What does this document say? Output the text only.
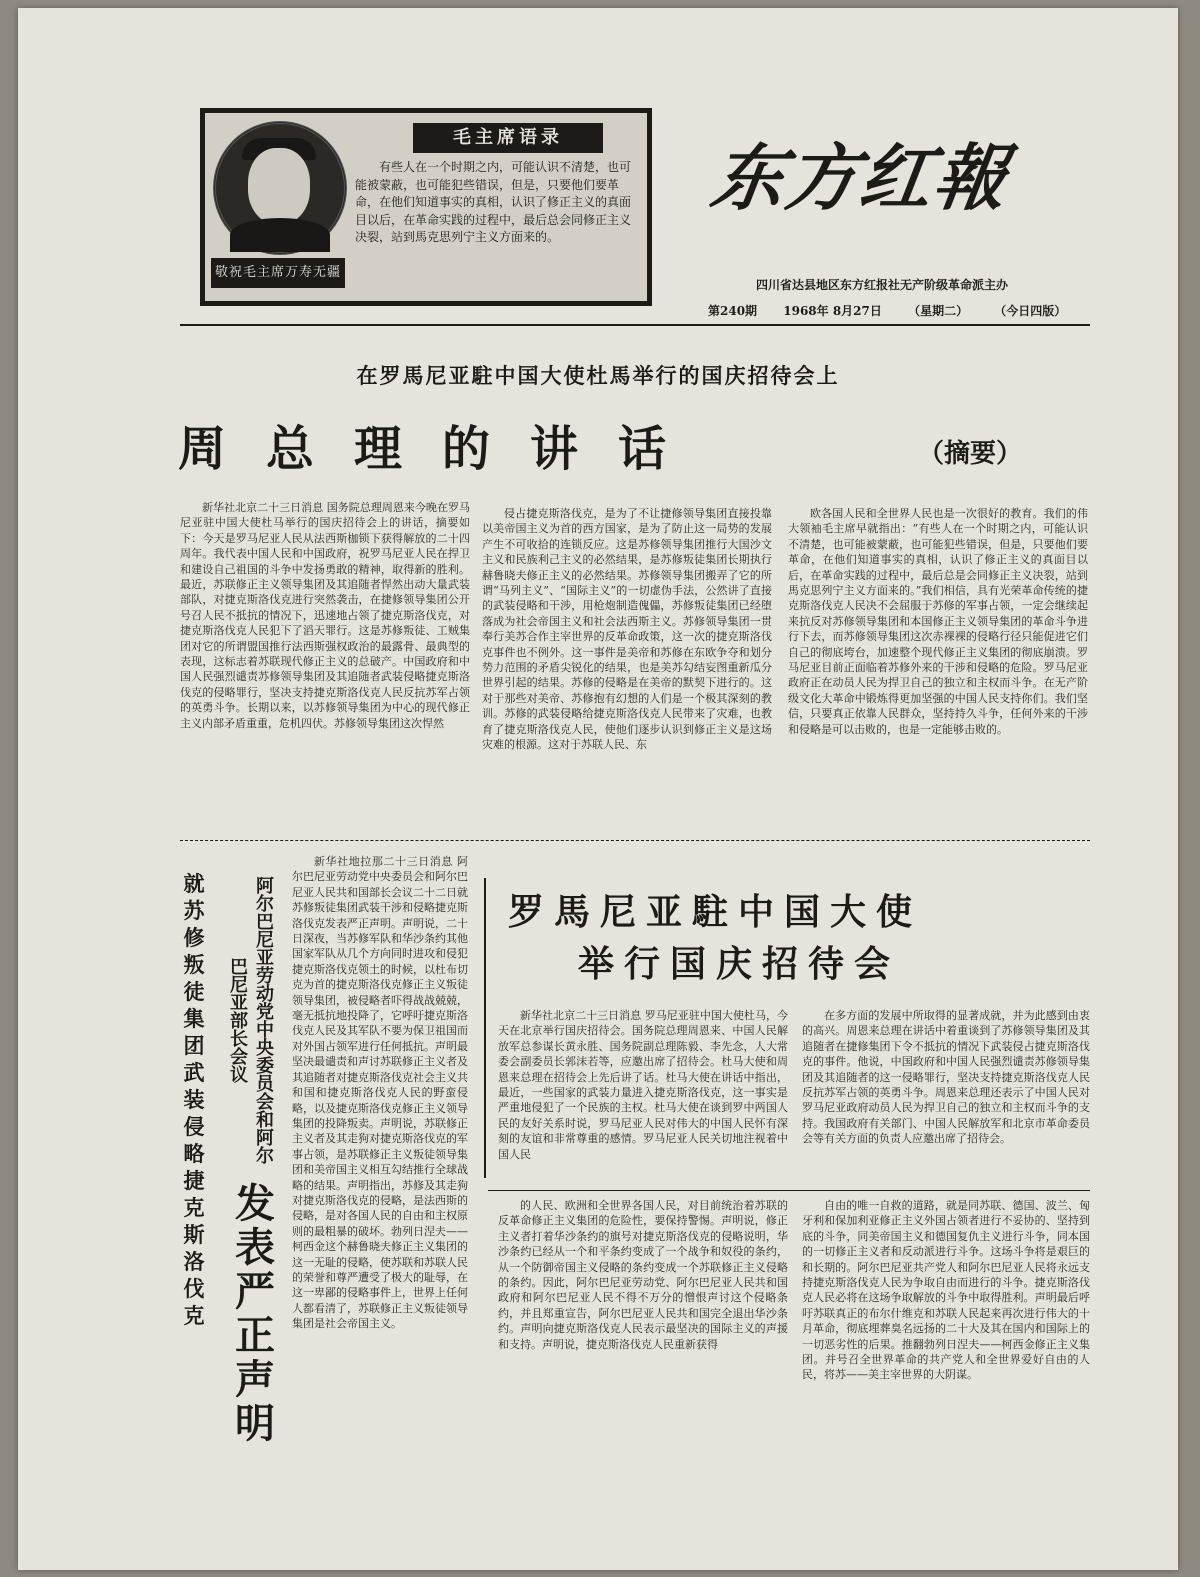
敬祝毛主席万寿无疆
毛主席语录
有些人在一个时期之内，可能认识不清楚，也可能被蒙蔽，也可能犯些错误，但是，只要他们要革命，在他们知道事实的真相，认识了修正主义的真面目以后，在革命实践的过程中，最后总会同修正主义决裂，站到馬克思列宁主义方面来的。
东方红報
四川省达县地区东方红报社无产阶级革命派主办
第240期 1968年 8月27日 （星期二） （今日四版）
在罗馬尼亚駐中国大使杜馬举行的国庆招待会上
周总理的讲话	（摘要）

新华社北京二十三日消息 国务院总理周恩来今晚在罗马尼亚驻中国大使杜马举行的国庆招待会上的讲话，摘要如下：今天是罗马尼亚人民从法西斯枷锁下获得解放的二十四周年。我代表中国人民和中国政府，祝罗马尼亚人民在捍卫和建设自己祖国的斗争中发扬勇敢的精神，取得新的胜利。最近，苏联修正主义领导集团及其追随者悍然出动大量武装部队，对捷克斯洛伐克进行突然袭击，在捷修领导集团公开号召人民不抵抗的情况下，迅速地占领了捷克斯洛伐克，对捷克斯洛伐克人民犯下了滔天罪行。这是苏修叛徒、工贼集团对它的所谓盟国推行法西斯强权政治的最露骨、最典型的表现，这标志着苏联现代修正主义的总破产。中国政府和中国人民强烈谴责苏修领导集团及其追随者武装侵略捷克斯洛伐克的侵略罪行，坚决支持捷克斯洛伐克人民反抗苏军占领的英勇斗争。长期以来，以苏修领导集团为中心的现代修正主义内部矛盾重重，危机四伏。苏修领导集团这次悍然

侵占捷克斯洛伐克，是为了不让捷修领导集团直接投靠以美帝国主义为首的西方国家，是为了防止这一局势的发展产生不可收拾的连锁反应。这是苏修领导集团推行大国沙文主义和民族利己主义的必然结果，是苏修叛徒集团长期执行赫鲁晓夫修正主义的必然结果。苏修领导集团搬弄了它的所谓“马列主义”、“国际主义”的一切虚伪手法，公然讲了直接的武装侵略和干涉，用枪炮制造傀儡，苏修叛徒集团已经堕落成为社会帝国主义和社会法西斯主义。苏修领导集团一贯奉行美苏合作主宰世界的反革命政策，这一次的捷克斯洛伐克事件也不例外。这一事件是美帝和苏修在东欧争夺和划分势力范围的矛盾尖锐化的结果，也是美苏勾结妄图重新瓜分世界引起的结果。苏修的侵略是在美帝的默契下进行的。这对于那些对美帝、苏修抱有幻想的人们是一个极其深刻的教训。苏修的武装侵略给捷克斯洛伐克人民带来了灾难，也教育了捷克斯洛伐克人民，使他们逐步认识到修正主义是这场灾难的根源。这对于苏联人民、东

欧各国人民和全世界人民也是一次很好的教育。我们的伟大领袖毛主席早就指出：“有些人在一个时期之内，可能认识不清楚，也可能被蒙蔽，也可能犯些错误，但是，只要他们要革命，在他们知道事实的真相，认识了修正主义的真面目以后，在革命实践的过程中，最后总是会同修正主义决裂，站到馬克思列宁主义方面来的。”我们相信，具有光荣革命传统的捷克斯洛伐克人民决不会屈服于苏修的军事占领，一定会继续起来抗反对苏修领导集团和本国修正主义领导集团的革命斗争进行下去，而苏修领导集团这次赤裸裸的侵略行径只能促进它们自己的彻底垮台，加速整个现代修正主义集团的彻底崩溃。罗马尼亚目前正面临着苏修外来的干涉和侵略的危险。罗马尼亚政府正在动员人民为捍卫自己的独立和主权而斗争。在无产阶级文化大革命中锻炼得更加坚强的中国人民支持你们。我们坚信，只要真正依靠人民群众，坚持持久斗争，任何外来的干涉和侵略是可以击败的，也是一定能够击败的。

就苏修叛徒集团武装侵略捷克斯洛伐克
阿尔巴尼亚劳动党中央委员会和阿尔巴尼亚部长会议
发表严正声明

新华社地拉那二十三日消息 阿尔巴尼亚劳动党中央委员会和阿尔巴尼亚人民共和国部长会议二十二日就苏修叛徒集团武装干涉和侵略捷克斯洛伐克发表严正声明。声明说，二十日深夜，当苏修军队和华沙条约其他国家军队从几个方向同时进攻和侵犯捷克斯洛伐克领土的时候，以杜布切克为首的捷克斯洛伐克修正主义叛徒领导集团，被侵略者吓得战战兢兢，毫无抵抗地投降了，它呼吁捷克斯洛伐克人民及其军队不要为保卫祖国而对外国占领军进行任何抵抗。声明最坚决最谴责和声讨苏联修正主义者及其追随者对捷克斯洛伐克社会主义共和国和捷克斯洛伐克人民的野蛮侵略，以及捷克斯洛伐克修正主义领导集团的投降叛卖。声明说，苏联修正主义者及其走狗对捷克斯洛伐克的军事占领，是苏联修正主义叛徒领导集团和美帝国主义相互勾结推行全球战略的结果。声明指出，苏修及其走狗对捷克斯洛伐克的侵略，是法西斯的侵略，是对各国人民的自由和主权原则的最粗暴的破坏。勃列日涅夫——柯西金这个赫鲁晓夫修正主义集团的这一无耻的侵略，使苏联和苏联人民的荣誉和尊严遭受了极大的耻辱，在这一卑鄙的侵略事件上，世界上任何人都看清了，苏联修正主义叛徒领导集团是社会帝国主义。

罗馬尼亚駐中国大使
举行国庆招待会

新华社北京二十三日消息 罗马尼亚驻中国大使杜马，今天在北京举行国庆招待会。国务院总理周恩来、中国人民解放军总参谋长黄永胜、国务院副总理陈毅、李先念，人大常委会副委员长郭沫若等，应邀出席了招待会。杜马大使和周恩来总理在招待会上先后讲了话。杜马大使在讲话中指出，最近，一些国家的武装力量进入捷克斯洛伐克，这一事实是严重地侵犯了一个民族的主权。杜马大使在谈到罗中两国人民的友好关系时说，罗马尼亚人民对伟大的中国人民怀有深刻的友谊和非常尊重的感情。罗马尼亚人民关切地注视着中国人民

在多方面的发展中所取得的显著成就，并为此感到由衷的高兴。周恩来总理在讲话中着重谈到了苏修领导集团及其追随者在捷修集团下令不抵抗的情况下武装侵占捷克斯洛伐克的事件。他说，中国政府和中国人民强烈谴责苏修领导集团及其追随者的这一侵略罪行，坚决支持捷克斯洛伐克人民反抗苏军占领的英勇斗争。周恩来总理还表示了中国人民对罗马尼亚政府动员人民为捍卫自己的独立和主权而斗争的支持。我国政府有关部门、中国人民解放军和北京市革命委员会等有关方面的负责人应邀出席了招待会。

的人民、欧洲和全世界各国人民，对目前统治着苏联的反革命修正主义集团的危险性，要保持警惕。声明说，修正主义者打着华沙条约的旗号对捷克斯洛伐克的侵略说明，华沙条约已经从一个和平条约变成了一个战争和奴役的条约，从一个防御帝国主义侵略的条约变成一个苏联修正主义侵略的条约。因此，阿尔巴尼亚劳动党、阿尔巴尼亚人民共和国政府和阿尔巴尼亚人民不得不万分的憎恨声讨这个侵略条约，并且郑重宣告，阿尔巴尼亚人民共和国完全退出华沙条约。声明向捷克斯洛伐克人民表示最坚决的国际主义的声援和支持。声明说，捷克斯洛伐克人民重新获得

自由的唯一自救的道路，就是同苏联、德国、波兰、匈牙利和保加利亚修正主义外国占领者进行不妥协的、坚持到底的斗争，同美帝国主义和德国复仇主义进行斗争，同本国的一切修正主义者和反动派进行斗争。这场斗争将是艰巨的和长期的。阿尔巴尼亚共产党人和阿尔巴尼亚人民将永远支持捷克斯洛伐克人民为争取自由而进行的斗争。捷克斯洛伐克人民必将在这场争取解放的斗争中取得胜利。声明最后呼吁苏联真正的布尔什维克和苏联人民起来再次进行伟大的十月革命，彻底埋葬臭名远扬的二十大及其在国内和国际上的一切恶劣性的后果。推翻勃列日涅夫——柯西金修正主义集团。并号召全世界革命的共产党人和全世界爱好自由的人民，将苏——美主宰世界的大阴谋。
